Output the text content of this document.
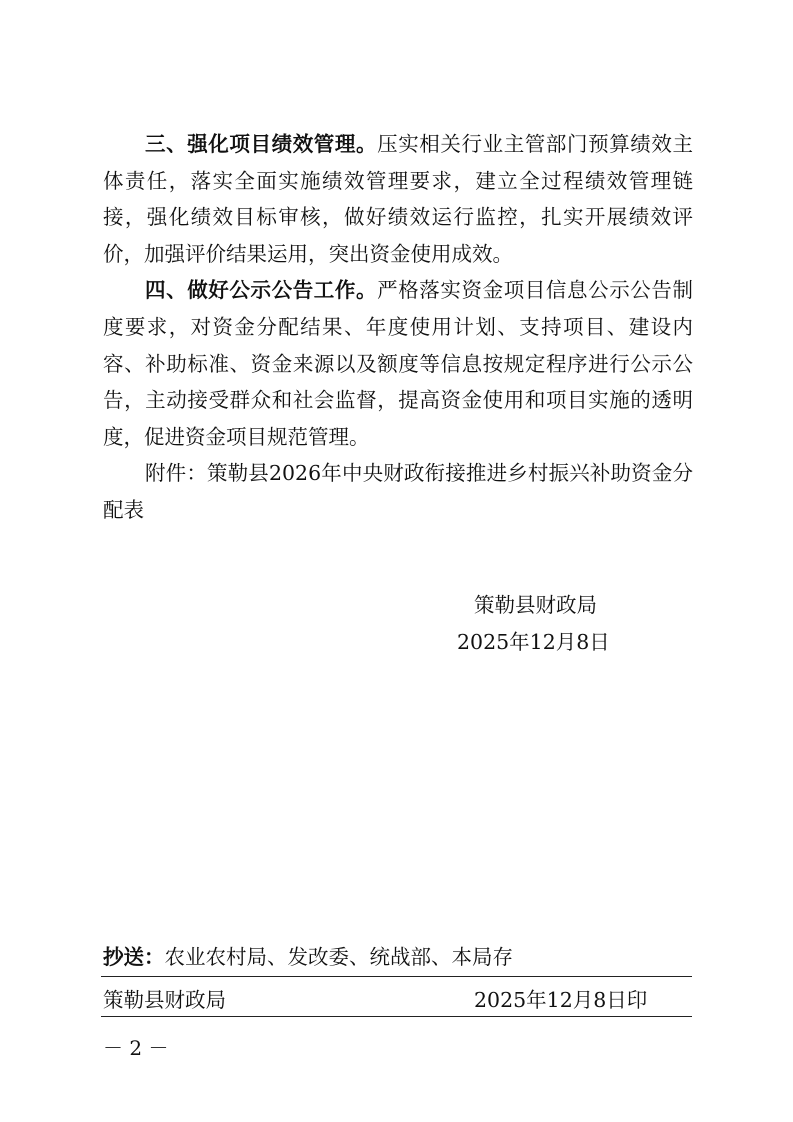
三、强化项目绩效管理。压实相关行业主管部门预算绩效主体责任，落实全面实施绩效管理要求，建立全过程绩效管理链接，强化绩效目标审核，做好绩效运行监控，扎实开展绩效评价，加强评价结果运用，突出资金使用成效。

四、做好公示公告工作。严格落实资金项目信息公示公告制度要求，对资金分配结果、年度使用计划、支持项目、建设内容、补助标准、资金来源以及额度等信息按规定程序进行公示公告，主动接受群众和社会监督，提高资金使用和项目实施的透明度，促进资金项目规范管理。

附件：策勒县2026年中央财政衔接推进乡村振兴补助资金分配表

策勒县财政局
2025年12月8日
抄送：农业农村局、发改委、统战部、本局存
策勒县财政局	2025年12月8日印
－ 2 －
